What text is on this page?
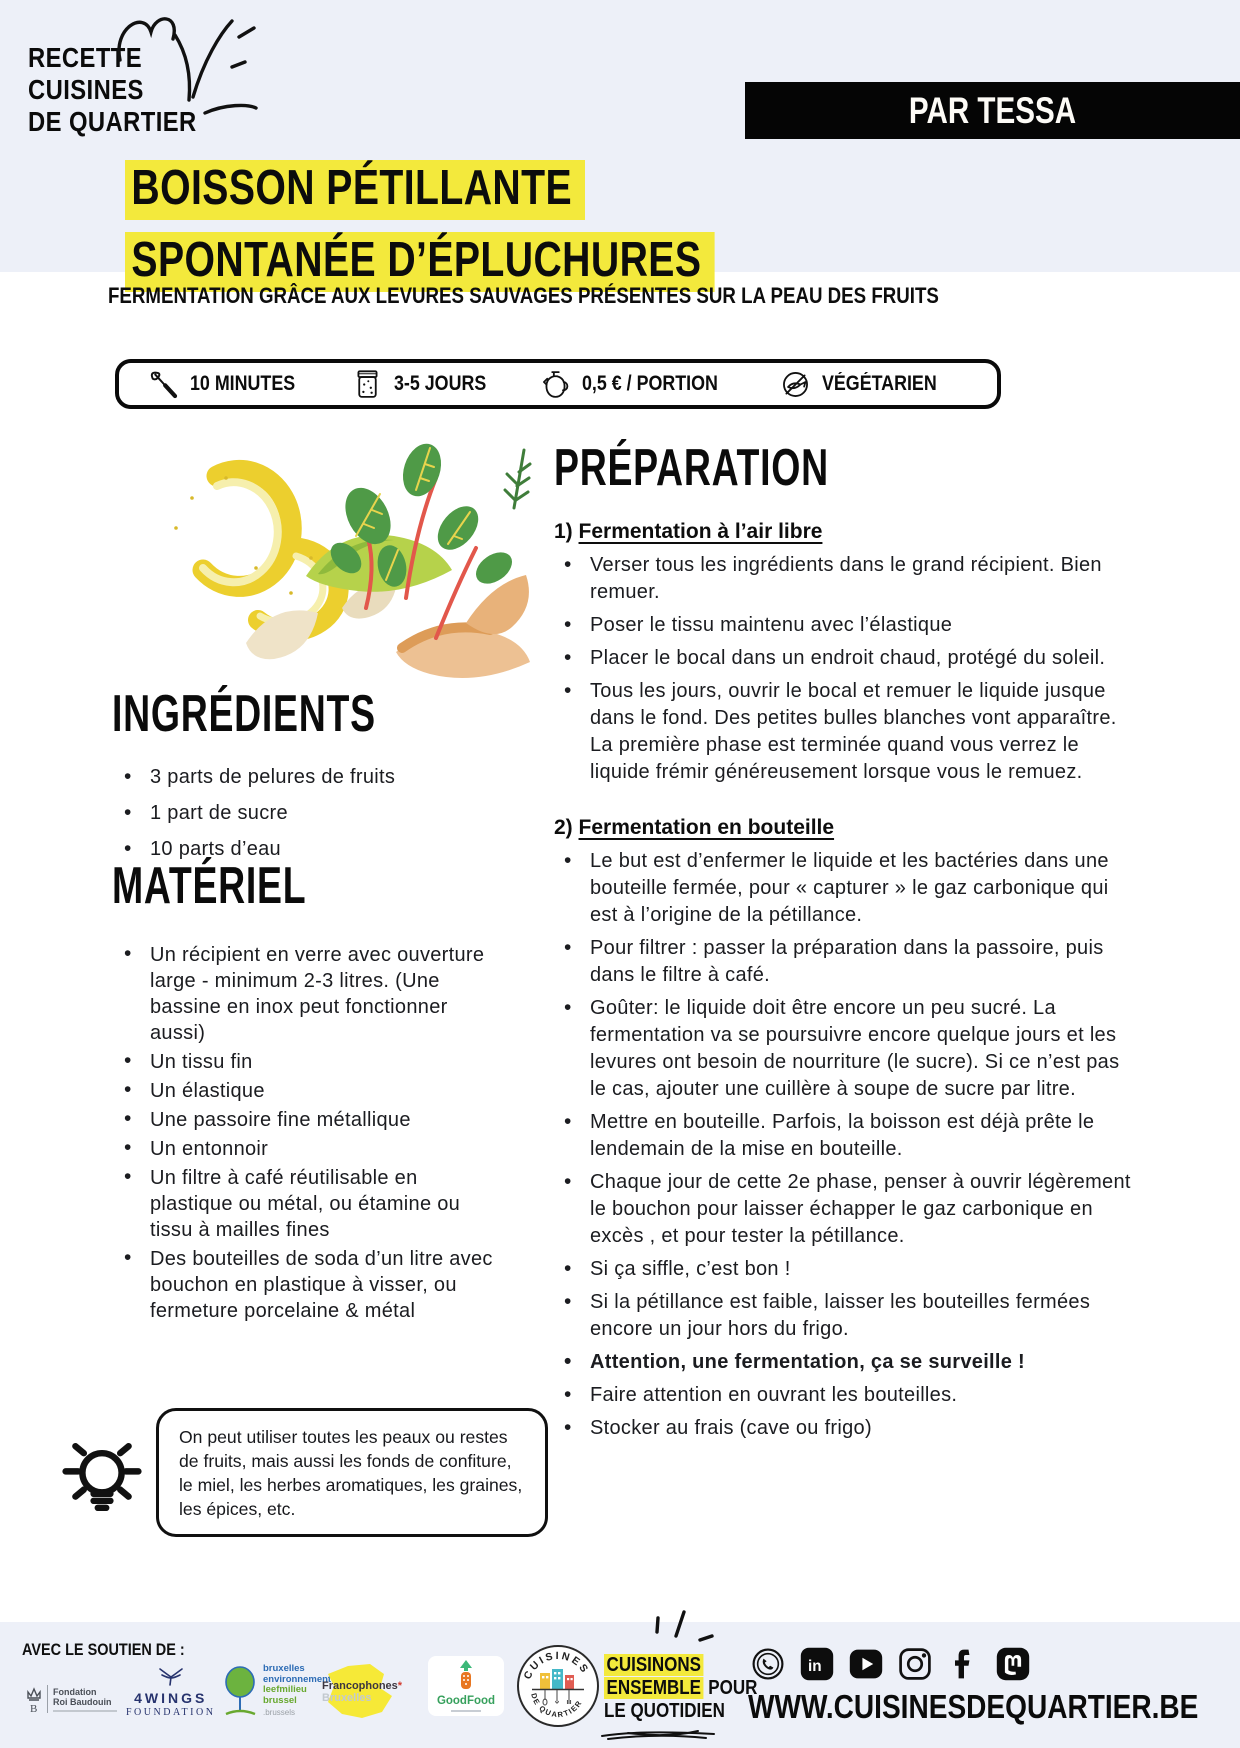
RECETTE
CUISINES
DE QUARTIER	PAR TESSA
BOISSON PÉTILLANTE
SPONTANÉE D’ÉPLUCHURES
FERMENTATION GRÂCE AUX LEVURES SAUVAGES PRÉSENTES SUR LA PEAU DES FRUITS
10 MINUTES	3-5 JOURS	0,5 € / PORTION	VÉGÉTARIEN
INGRÉDIENTS
• 3 parts de pelures de fruits
• 1 part de sucre
• 10 parts d’eau
MATÉRIEL
• Un récipient en verre avec ouverture large - minimum 2-3 litres. (Une bassine en inox peut fonctionner aussi)
• Un tissu fin
• Un élastique
• Une passoire fine métallique
• Un entonnoir
• Un filtre à café réutilisable en plastique ou métal, ou étamine ou tissu à mailles fines
• Des bouteilles de soda d’un litre avec bouchon en plastique à visser, ou fermeture porcelaine & métal
On peut utiliser toutes les peaux ou restes de fruits, mais aussi les fonds de confiture, le miel, les herbes aromatiques, les graines, les épices, etc.
PRÉPARATION
1) Fermentation à l’air libre
• Verser tous les ingrédients dans le grand récipient. Bien remuer.
• Poser le tissu maintenu avec l’élastique
• Placer le bocal dans un endroit chaud, protégé du soleil.
• Tous les jours, ouvrir le bocal et remuer le liquide jusque dans le fond. Des petites bulles blanches vont apparaître. La première phase est terminée quand vous verrez le liquide frémir généreusement lorsque vous le remuez.
2) Fermentation en bouteille
• Le but est d’enfermer le liquide et les bactéries dans une bouteille fermée, pour « capturer » le gaz carbonique qui est à l’origine de la pétillance.
• Pour filtrer : passer la préparation dans la passoire, puis dans le filtre à café.
• Goûter: le liquide doit être encore un peu sucré. La fermentation va se poursuivre encore quelque jours et les levures ont besoin de nourriture (le sucre). Si ce n’est pas le cas, ajouter une cuillère à soupe de sucre par litre.
• Mettre en bouteille. Parfois, la boisson est déjà prête le lendemain de la mise en bouteille.
• Chaque jour de cette 2e phase, penser à ouvrir légèrement le bouchon pour laisser échapper le gaz carbonique en excès , et pour tester la pétillance.
• Si ça siffle, c’est bon !
• Si la pétillance est faible, laisser les bouteilles fermées encore un jour hors du frigo.
• Attention, une fermentation, ça se surveille !
• Faire attention en ouvrant les bouteilles.
• Stocker au frais (cave ou frigo)
AVEC LE SOUTIEN DE :
B
Fondation
Roi Baudouin	4WINGS
FOUNDATION
bruxelles
environnement
leefmilieu
brussel
.brussels
Francophones*
Bruxelles	GoodFood
CUISINES
DE QUARTIER
CUISINONS
ENSEMBLE POUR
LE QUOTIDIEN
in
WWW.CUISINESDEQUARTIER.BE
